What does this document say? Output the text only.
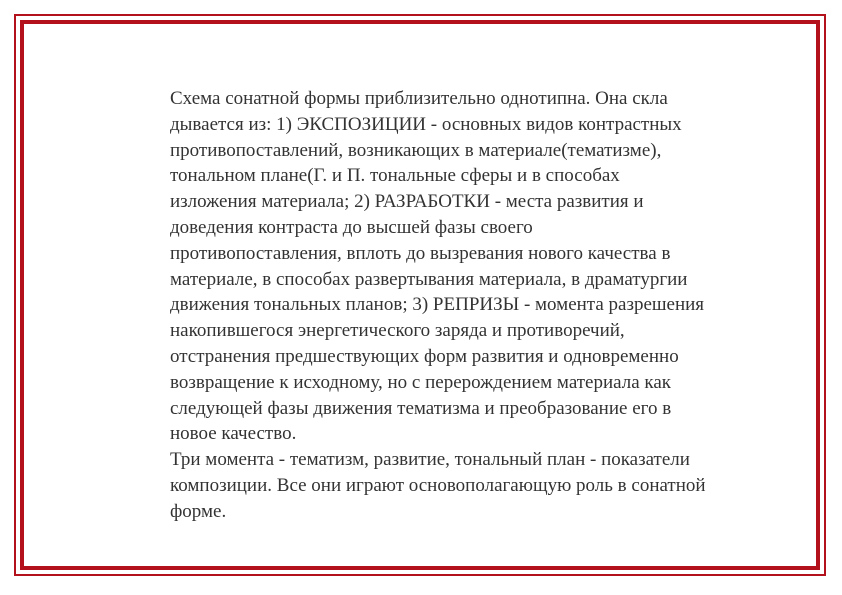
Схема сонатной формы приблизительно однотипна. Она скла
дывается из: 1) ЭКСПОЗИЦИИ - основных видов контрастных
противопоставлений, возникающих в материале(тематизме),
тональном плане(Г. и П. тональные сферы и в способах
изложения материала; 2) РАЗРАБОТКИ - места развития и
доведения контраста до высшей фазы своего
противопоставления, вплоть до вызревания нового качества в
материале, в способах развертывания материала, в драматургии
движения тональных планов; 3) РЕПРИЗЫ - момента разрешения
накопившегося энергетического заряда и противоречий,
отстранения предшествующих форм развития и одновременно
возвращение к исходному, но с перерождением материала как
следующей фазы движения тематизма и преобразование его в
новое качество.
Три момента - тематизм, развитие, тональный план - показатели
композиции. Все они играют основополагающую роль в сонатной
форме.
